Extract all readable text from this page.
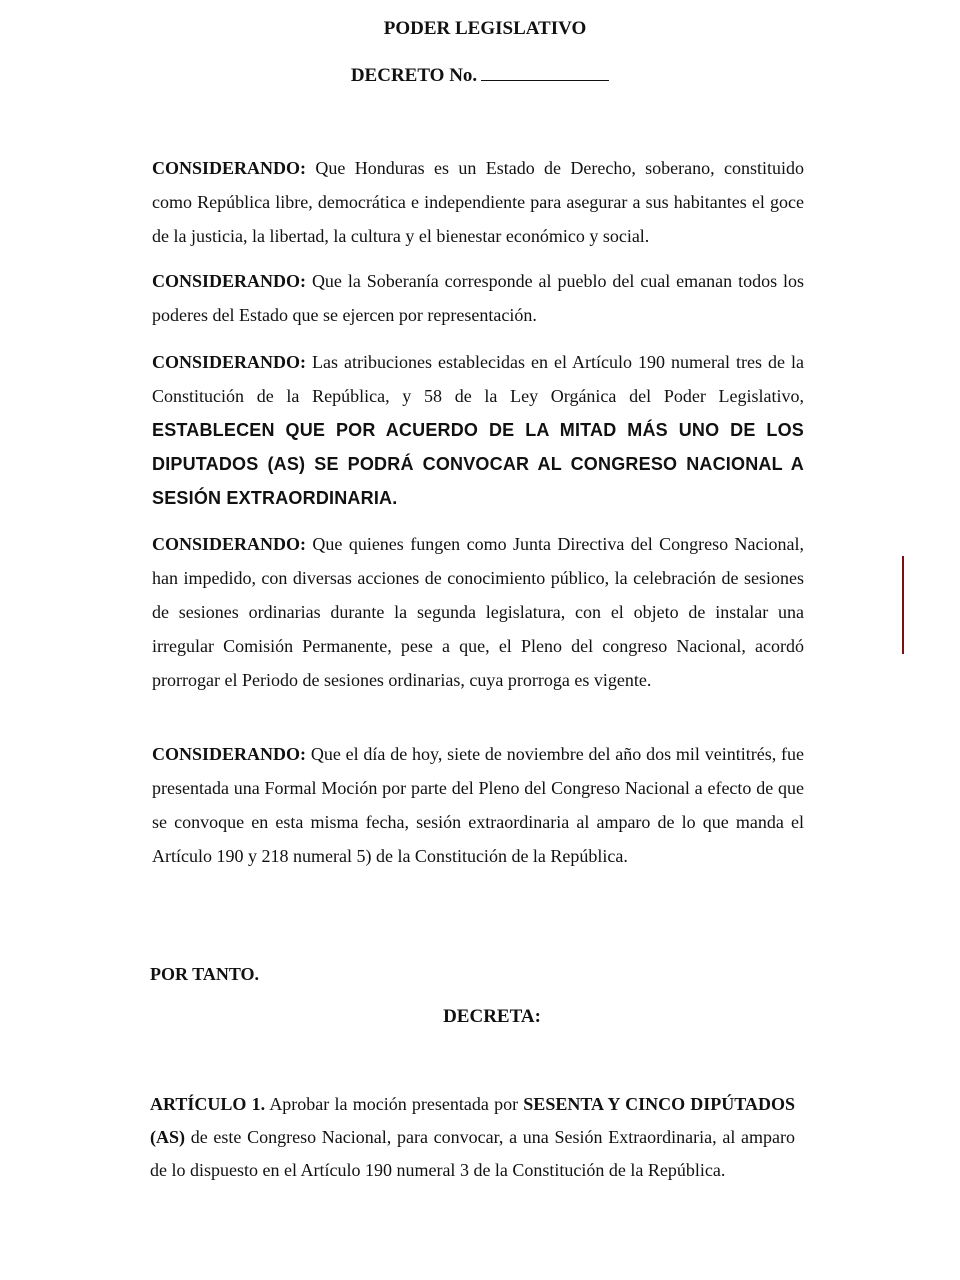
PODER LEGISLATIVO
DECRETO No.
CONSIDERANDO: Que Honduras es un Estado de Derecho, soberano, constituido como República libre, democrática e independiente para asegurar a sus habitantes el goce de la justicia, la libertad, la cultura y el bienestar económico y social.
CONSIDERANDO: Que la Soberanía corresponde al pueblo del cual emanan todos los poderes del Estado que se ejercen por representación.
CONSIDERANDO: Las atribuciones establecidas en el Artículo 190 numeral tres de la Constitución de la República, y 58 de la Ley Orgánica del Poder Legislativo, ESTABLECEN QUE POR ACUERDO DE LA MITAD MÁS UNO DE LOS DIPUTADOS (AS) SE PODRÁ CONVOCAR AL CONGRESO NACIONAL A SESIÓN EXTRAORDINARIA.
CONSIDERANDO: Que quienes fungen como Junta Directiva del Congreso Nacional, han impedido, con diversas acciones de conocimiento público, la celebración de sesiones de sesiones ordinarias durante la segunda legislatura, con el objeto de instalar una irregular Comisión Permanente, pese a que, el Pleno del congreso Nacional, acordó prorrogar el Periodo de sesiones ordinarias, cuya prorroga es vigente.
CONSIDERANDO: Que el día de hoy, siete de noviembre del año dos mil veintitrés, fue presentada una Formal Moción por parte del Pleno del Congreso Nacional a efecto de que se convoque en esta misma fecha, sesión extraordinaria al amparo de lo que manda el Artículo 190 y 218 numeral 5) de la Constitución de la República.
POR TANTO.
DECRETA:
ARTÍCULO 1. Aprobar la moción presentada por SESENTA Y CINCO DIPÚTADOS (AS) de este Congreso Nacional, para convocar, a una Sesión Extraordinaria, al amparo de lo dispuesto en el Artículo 190 numeral 3 de la Constitución de la República.
